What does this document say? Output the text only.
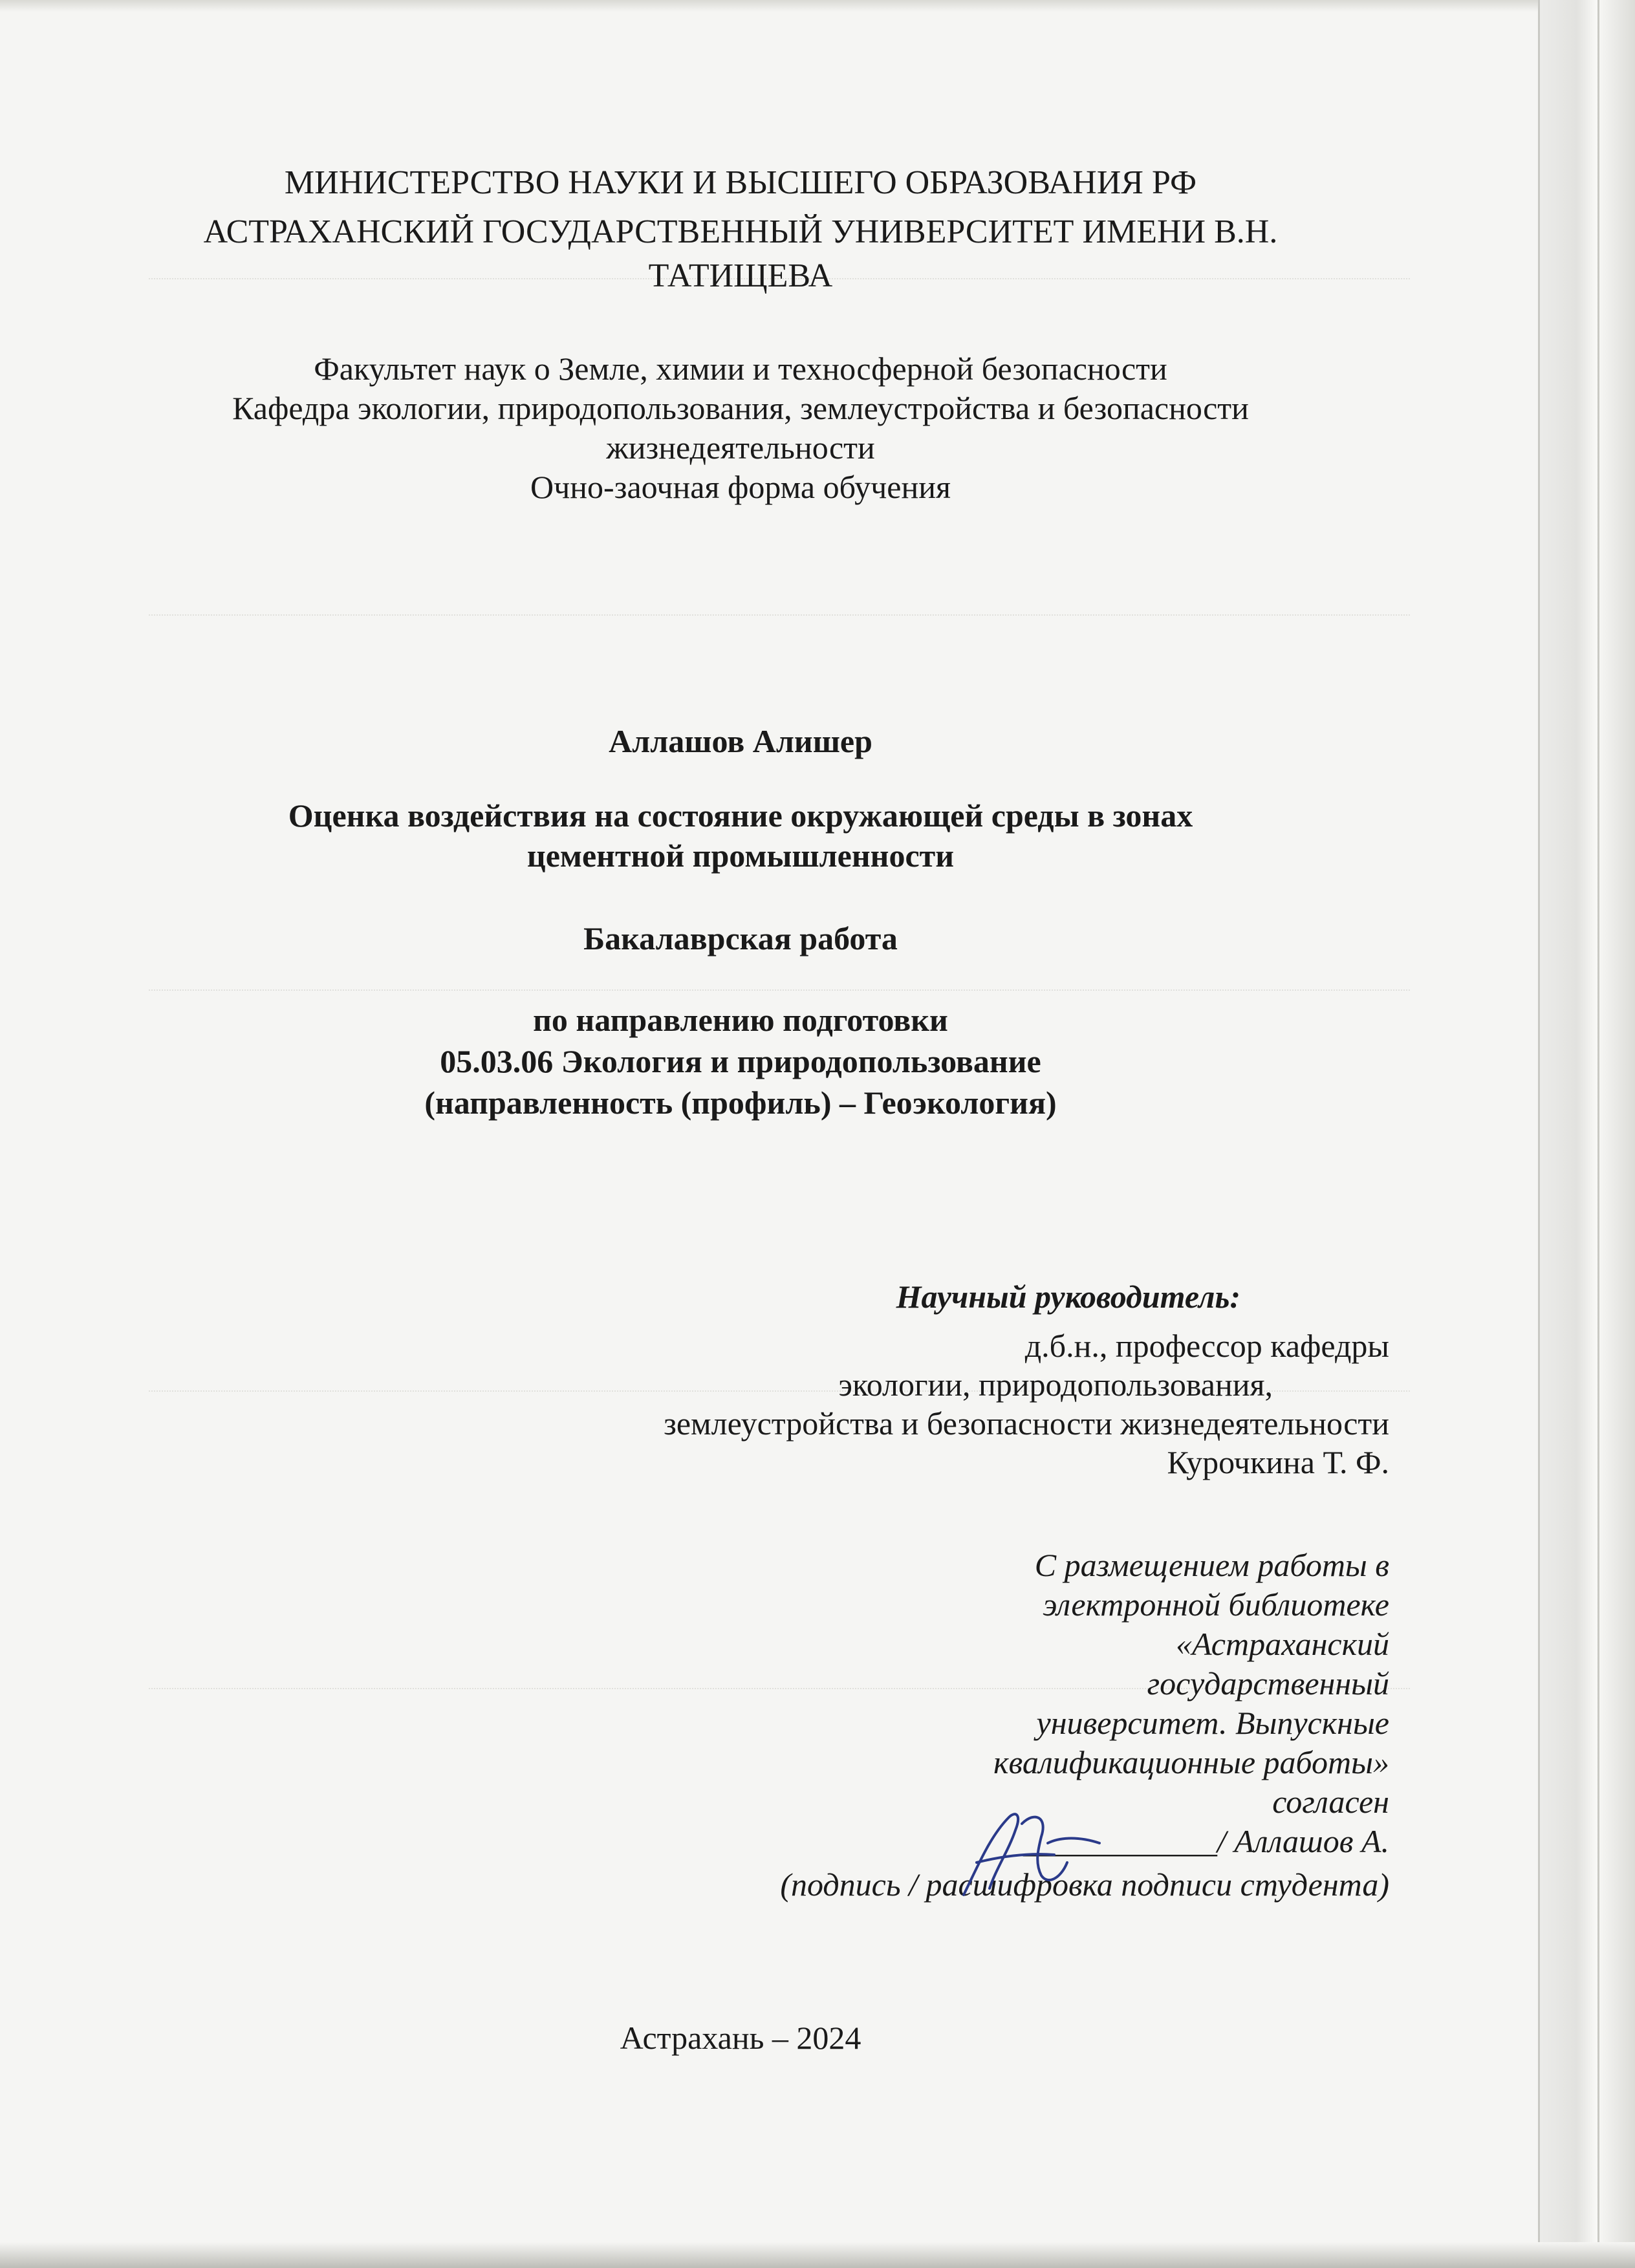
МИНИСТЕРСТВО НАУКИ И ВЫСШЕГО ОБРАЗОВАНИЯ РФ
АСТРАХАНСКИЙ ГОСУДАРСТВЕННЫЙ УНИВЕРСИТЕТ ИМЕНИ В.Н.
ТАТИЩЕВА
Факультет наук о Земле, химии и техносферной безопасности
Кафедра экологии, природопользования, землеустройства и безопасности
жизнедеятельности
Очно-заочная форма обучения
Аллашов Алишер
Оценка воздействия на состояние окружающей среды в зонах
цементной промышленности
Бакалаврская работа
по направлению подготовки
05.03.06 Экология и природопользование
(направленность (профиль) – Геоэкология)
Научный руководитель:
д.б.н., профессор кафедры
экологии, природопользования,
землеустройства и безопасности жизнедеятельности
Курочкина Т. Ф.
С размещением работы в
электронной библиотеке
«Астраханский
государственный
университет. Выпускные
квалификационные работы»
согласен
____________/ Аллашов А.
(подпись / расшифровка подписи студента)
Астрахань – 2024
